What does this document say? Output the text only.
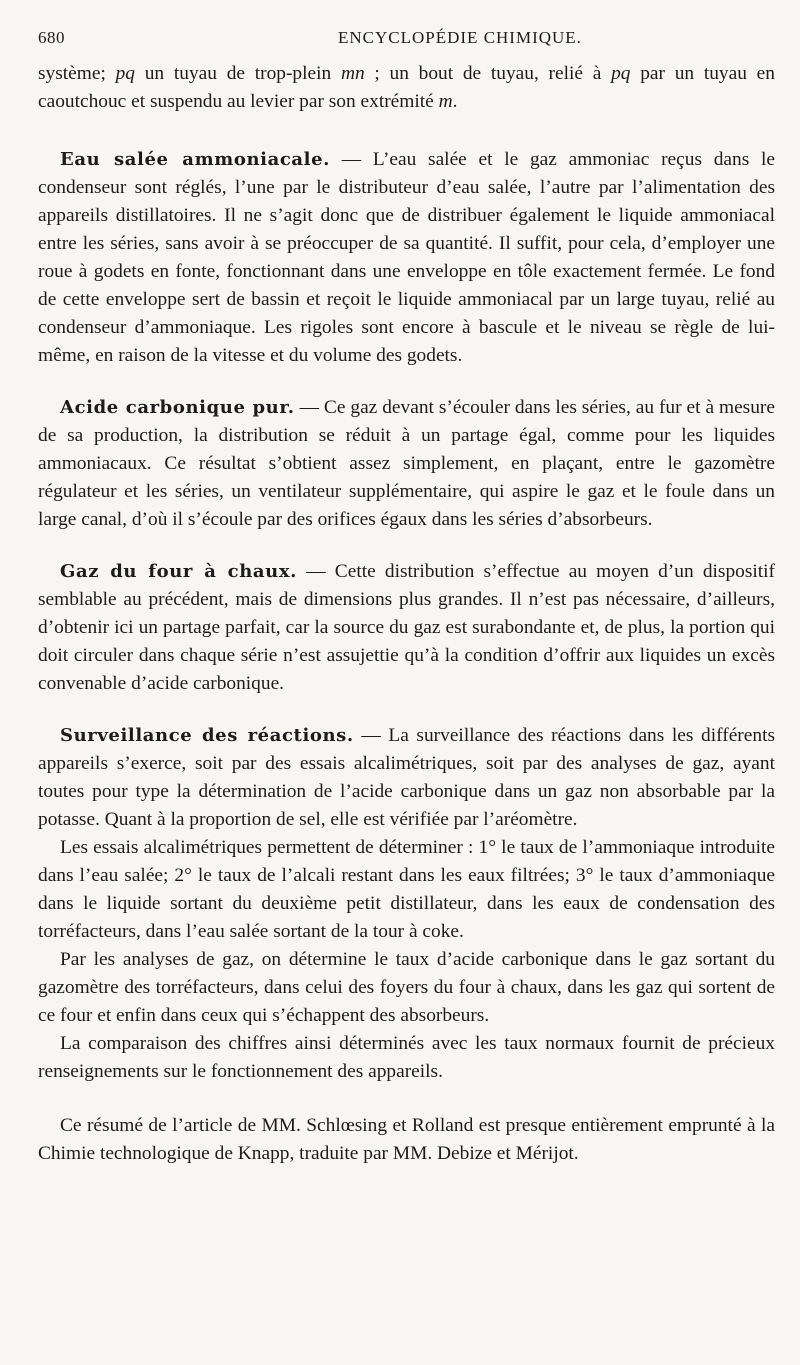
680	ENCYCLOPÉDIE CHIMIQUE.

système; pq un tuyau de trop-plein mn ; un bout de tuyau, relié à pq par un tuyau en caoutchouc et suspendu au levier par son extrémité m.

Eau salée ammoniacale. — L’eau salée et le gaz ammoniac reçus dans le condenseur sont réglés, l’une par le distributeur d’eau salée, l’autre par l’alimentation des appareils distillatoires. Il ne s’agit donc que de distribuer également le liquide ammoniacal entre les séries, sans avoir à se préoccuper de sa quantité. Il suffit, pour cela, d’employer une roue à godets en fonte, fonctionnant dans une enveloppe en tôle exactement fermée. Le fond de cette enveloppe sert de bassin et reçoit le liquide ammoniacal par un large tuyau, relié au condenseur d’ammoniaque. Les rigoles sont encore à bascule et le niveau se règle de lui-même, en raison de la vitesse et du volume des godets.

Acide carbonique pur. — Ce gaz devant s’écouler dans les séries, au fur et à mesure de sa production, la distribution se réduit à un partage égal, comme pour les liquides ammoniacaux. Ce résultat s’obtient assez simplement, en plaçant, entre le gazomètre régulateur et les séries, un ventilateur supplémentaire, qui aspire le gaz et le foule dans un large canal, d’où il s’écoule par des orifices égaux dans les séries d’absorbeurs.

Gaz du four à chaux. — Cette distribution s’effectue au moyen d’un dispositif semblable au précédent, mais de dimensions plus grandes. Il n’est pas nécessaire, d’ailleurs, d’obtenir ici un partage parfait, car la source du gaz est surabondante et, de plus, la portion qui doit circuler dans chaque série n’est assujettie qu’à la condition d’offrir aux liquides un excès convenable d’acide carbonique.

Surveillance des réactions. — La surveillance des réactions dans les différents appareils s’exerce, soit par des essais alcalimétriques, soit par des analyses de gaz, ayant toutes pour type la détermination de l’acide carbonique dans un gaz non absorbable par la potasse. Quant à la proportion de sel, elle est vérifiée par l’aréomètre.

Les essais alcalimétriques permettent de déterminer : 1° le taux de l’ammoniaque introduite dans l’eau salée; 2° le taux de l’alcali restant dans les eaux filtrées; 3° le taux d’ammoniaque dans le liquide sortant du deuxième petit distillateur, dans les eaux de condensation des torréfacteurs, dans l’eau salée sortant de la tour à coke.

Par les analyses de gaz, on détermine le taux d’acide carbonique dans le gaz sortant du gazomètre des torréfacteurs, dans celui des foyers du four à chaux, dans les gaz qui sortent de ce four et enfin dans ceux qui s’échappent des absorbeurs.

La comparaison des chiffres ainsi déterminés avec les taux normaux fournit de précieux renseignements sur le fonctionnement des appareils.

Ce résumé de l’article de MM. Schlœsing et Rolland est presque entièrement emprunté à la Chimie technologique de Knapp, traduite par MM. Debize et Mérijot.
